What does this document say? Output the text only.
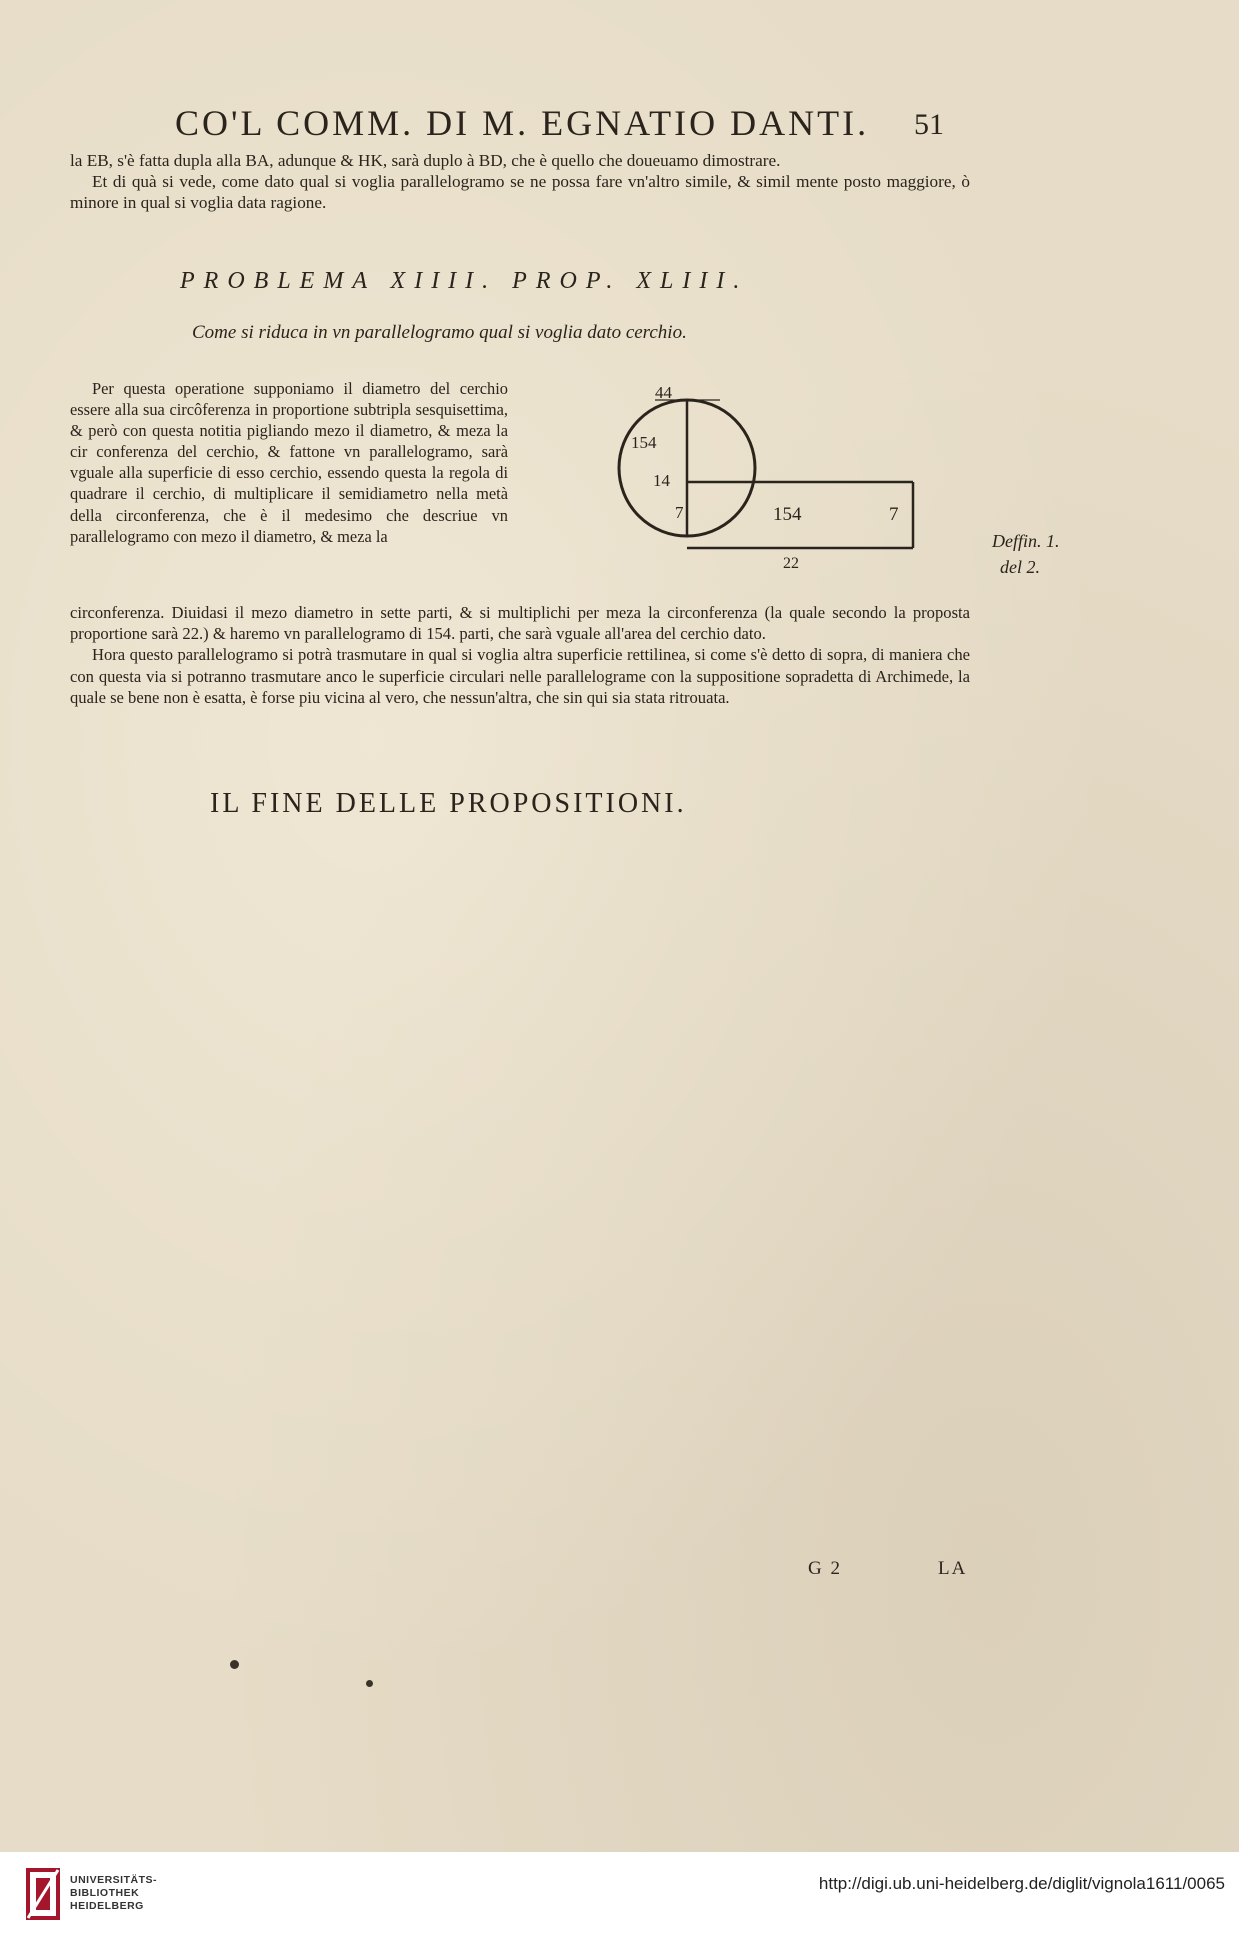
CO'L COMM. DI M. EGNATIO DANTI.	51

la EB, s'è fatta dupla alla BA, adunque & HK, sarà duplo à BD, che è quello che doueuamo dimostrare.

Et di quà si vede, come dato qual si voglia parallelogramo se ne possa fare vn'altro simile, & simil mente posto maggiore, ò minore in qual si voglia data ragione.

PROBLEMA XIIII. PROP. XLIII.
Come si riduca in vn parallelogramo qual si voglia dato cerchio.

Per questa operatione supponiamo il diametro del cerchio essere alla sua circôferenza in proportione subtripla sesquisettima, & però con questa notitia pigliando mezo il diametro, & meza la cir conferenza del cerchio, & fattone vn parallelogramo, sarà vguale alla superficie di esso cerchio, essendo questa la regola di quadrare il cerchio, di multiplicare il semidiametro nella metà della circonferenza, che è il medesimo che descriue vn parallelogramo con mezo il diametro, & meza la

44
154
14
7	154	7
22
Deffin. 1.
del 2.

circonferenza. Diuidasi il mezo diametro in sette parti, & si multiplichi per meza la circonferenza (la quale secondo la proposta proportione sarà 22.) & haremo vn parallelogramo di 154. parti, che sarà vguale all'area del cerchio dato.

Hora questo parallelogramo si potrà trasmutare in qual si voglia altra superficie rettilinea, si come s'è detto di sopra, di maniera che con questa via si potranno trasmutare anco le superficie circulari nelle parallelograme con la suppositione sopradetta di Archimede, la quale se bene non è esatta, è forse piu vicina al vero, che nessun'altra, che sin qui sia stata ritrouata.

IL FINE DELLE PROPOSITIONI.
G 2	LA
UNIVERSITÄTS-
BIBLIOTHEK
HEIDELBERG
http://digi.ub.uni-heidelberg.de/diglit/vignola1611/0065
